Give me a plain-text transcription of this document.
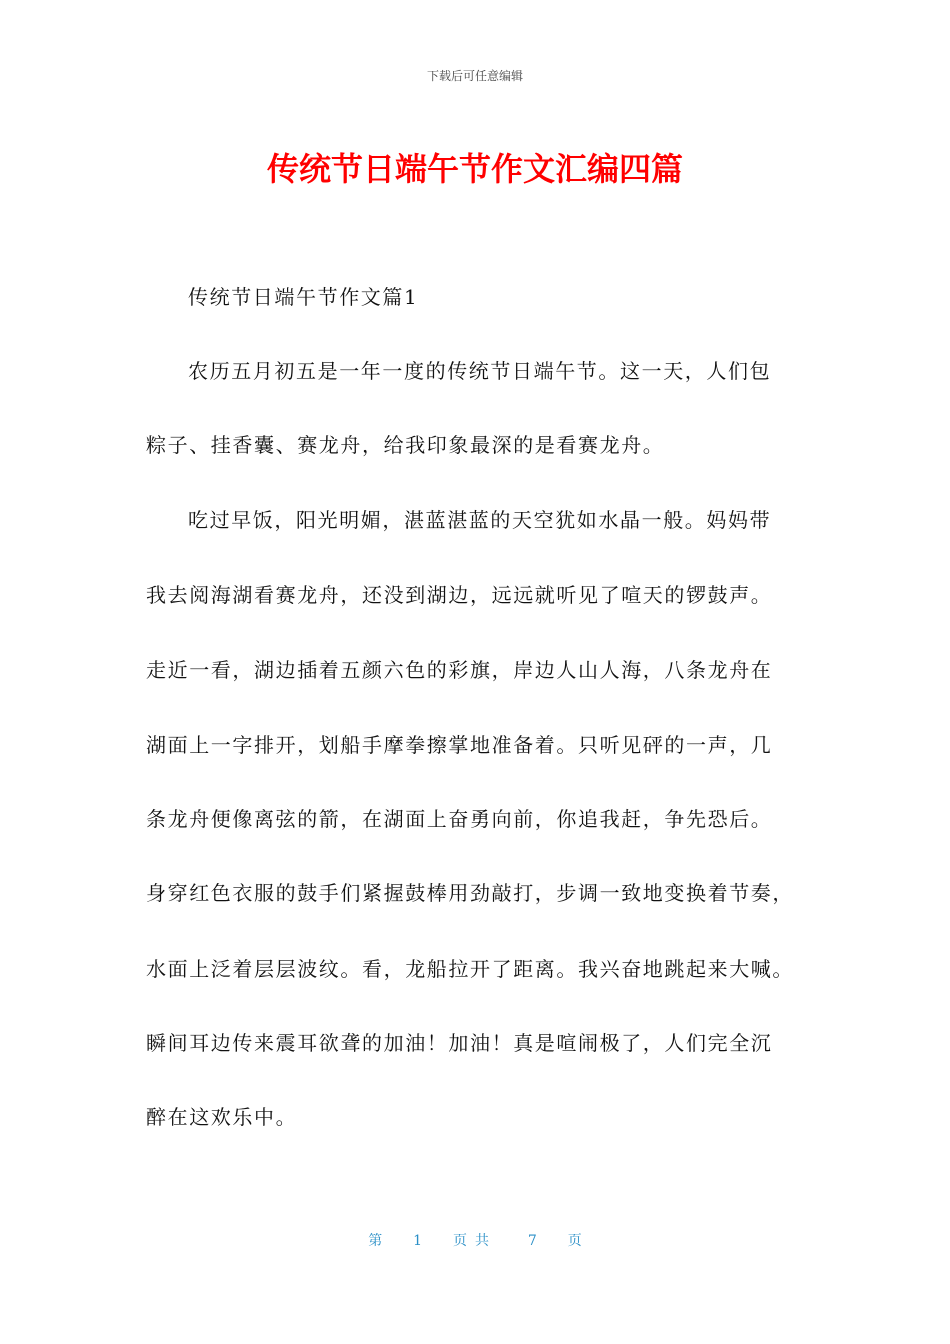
下载后可任意编辑
传统节日端午节作文汇编四篇
传统节日端午节作文篇1
农历五月初五是一年一度的传统节日端午节。这一天，人们包
粽子、挂香囊、赛龙舟，给我印象最深的是看赛龙舟。
吃过早饭，阳光明媚，湛蓝湛蓝的天空犹如水晶一般。妈妈带
我去阅海湖看赛龙舟，还没到湖边，远远就听见了喧天的锣鼓声。
走近一看，湖边插着五颜六色的彩旗，岸边人山人海，八条龙舟在
湖面上一字排开，划船手摩拳擦掌地准备着。只听见砰的一声，几
条龙舟便像离弦的箭，在湖面上奋勇向前，你追我赶，争先恐后。
身穿红色衣服的鼓手们紧握鼓棒用劲敲打，步调一致地变换着节奏，
水面上泛着层层波纹。看，龙船拉开了距离。我兴奋地跳起来大喊。
瞬间耳边传来震耳欲聋的加油！加油！真是喧闹极了，人们完全沉
醉在这欢乐中。
第 1 页共 7 页
